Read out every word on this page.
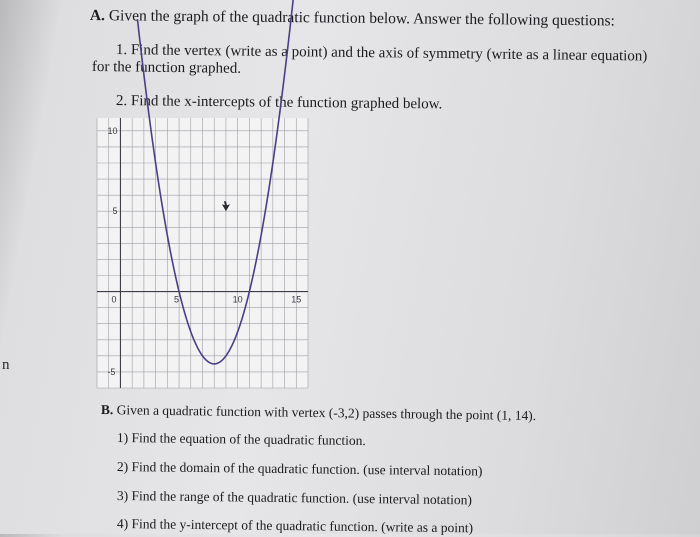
A. Given the graph of the quadratic function below. Answer the following questions:
1. Find the vertex (write as a point) and the axis of symmetry (write as a linear equation)
for the function graphed.
2. Find the x-intercepts of the function graphed below.
0	5	10	15
10
5
-5
B. Given a quadratic function with vertex (-3,2) passes through the point (1, 14).
1) Find the equation of the quadratic function.
2) Find the domain of the quadratic function. (use interval notation)
3) Find the range of the quadratic function. (use interval notation)
4) Find the y-intercept of the quadratic function. (write as a point)
n
